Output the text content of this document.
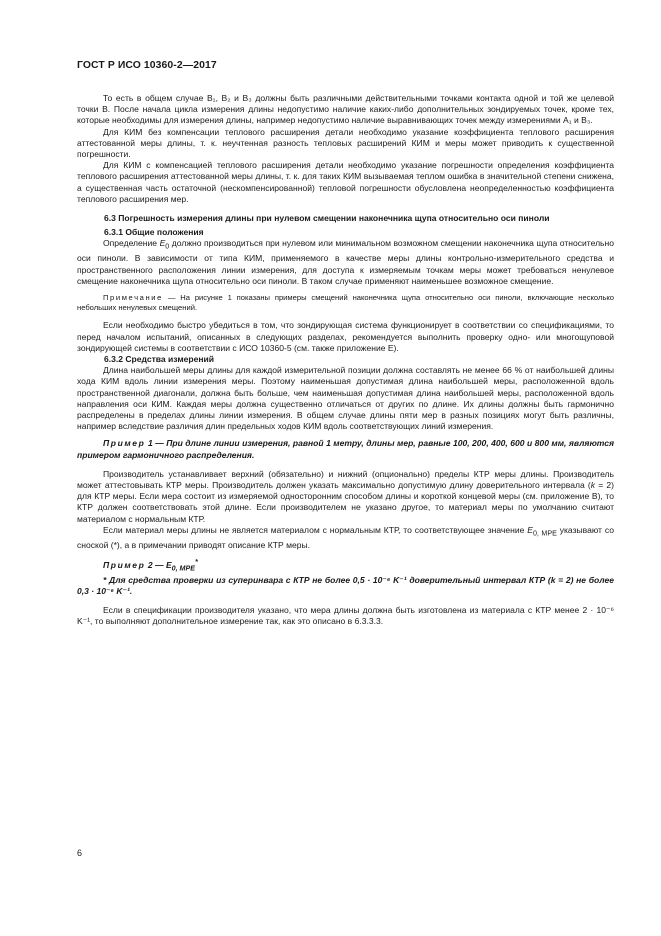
ГОСТ Р ИСО 10360-2—2017

То есть в общем случае B₁, B₂ и B₃ должны быть различными действительными точками контакта одной и той же целевой точки B. После начала цикла измерения длины недопустимо наличие каких-либо дополнительных зондируемых точек, кроме тех, которые необходимы для измерения длины, например недопустимо наличие выравнивающих точек между измерениями A₁ и B₃.

Для КИМ без компенсации теплового расширения детали необходимо указание коэффициента теплового расширения аттестованной меры длины, т. к. неучтенная разность тепловых расширений КИМ и меры может приводить к существенной погрешности.

Для КИМ с компенсацией теплового расширения детали необходимо указание погрешности определения коэффициента теплового расширения аттестованной меры длины, т. к. для таких КИМ вызываемая теплом ошибка в значительной степени снижена, а существенная часть остаточной (нескомпенсированной) тепловой погрешности обусловлена неопределенностью коэффициента теплового расширения мер.

6.3 Погрешность измерения длины при нулевом смещении наконечника щупа относительно оси пиноли

6.3.1 Общие положения

Определение $E_0$ должно производиться при нулевом или минимальном возможном смещении наконечника щупа относительно оси пиноли. В зависимости от типа КИМ, применяемого в качестве меры длины контрольно-измерительного средства и пространственного расположения линии измерения, для доступа к измеряемым точкам меры может требоваться ненулевое смещение наконечника щупа относительно оси пиноли. В таком случае применяют наименьшее возможное смещение.

Примечание — На рисунке 1 показаны примеры смещений наконечника щупа относительно оси пиноли, включающие несколько небольших ненулевых смещений.

Если необходимо быстро убедиться в том, что зондирующая система функционирует в соответствии со спецификациями, то перед началом испытаний, описанных в следующих разделах, рекомендуется выполнить проверку одно- или многощуповой зондирующей системы в соответствии с ИСО 10360-5 (см. также приложение E).

6.3.2 Средства измерений

Длина наибольшей меры длины для каждой измерительной позиции должна составлять не менее 66 % от наибольшей длины хода КИМ вдоль линии измерения меры. Поэтому наименьшая допустимая длина наибольшей меры, расположенной вдоль пространственной диагонали, должна быть больше, чем наименьшая допустимая длина наибольшей меры, расположенной вдоль направления оси КИМ. Каждая меры должна существенно отличаться от других по длине. Их длины должны быть гармонично распределены в пределах длины линии измерения. В общем случае длины пяти мер в разных позициях могут быть различны, например вследствие различия длин предельных ходов КИМ вдоль соответствующих линий измерения.

Пример 1 — При длине линии измерения, равной 1 метру, длины мер, равные 100, 200, 400, 600 и 800 мм, являются примером гармоничного распределения.

Производитель устанавливает верхний (обязательно) и нижний (опционально) пределы КТР меры длины. Производитель может аттестовывать КТР меры. Производитель должен указать максимально допустимую длину доверительного интервала (k = 2) для КТР меры. Если мера состоит из измеряемой односторонним способом длины и короткой концевой меры (см. приложение B), то КТР должен соответствовать этой длине. Если производителем не указано другое, то материал меры по умолчанию считают материалом с нормальным КТР.

Если материал меры длины не является материалом с нормальным КТР, то соответствующее значение $E_{0, MPE}$ указывают со сноской (*), а в примечании приводят описание КТР меры.

Пример 2 — $E_{0, MPE}^*$

* Для средства проверки из суперинвара с КТР не более 0,5 · 10⁻⁶ K⁻¹ доверительный интервал КТР (k = 2) не более 0,3 · 10⁻⁶ K⁻¹.

Если в спецификации производителя указано, что мера длины должна быть изготовлена из материала с КТР менее 2 · 10⁻⁶ K⁻¹, то выполняют дополнительное измерение так, как это описано в 6.3.3.3.

6
